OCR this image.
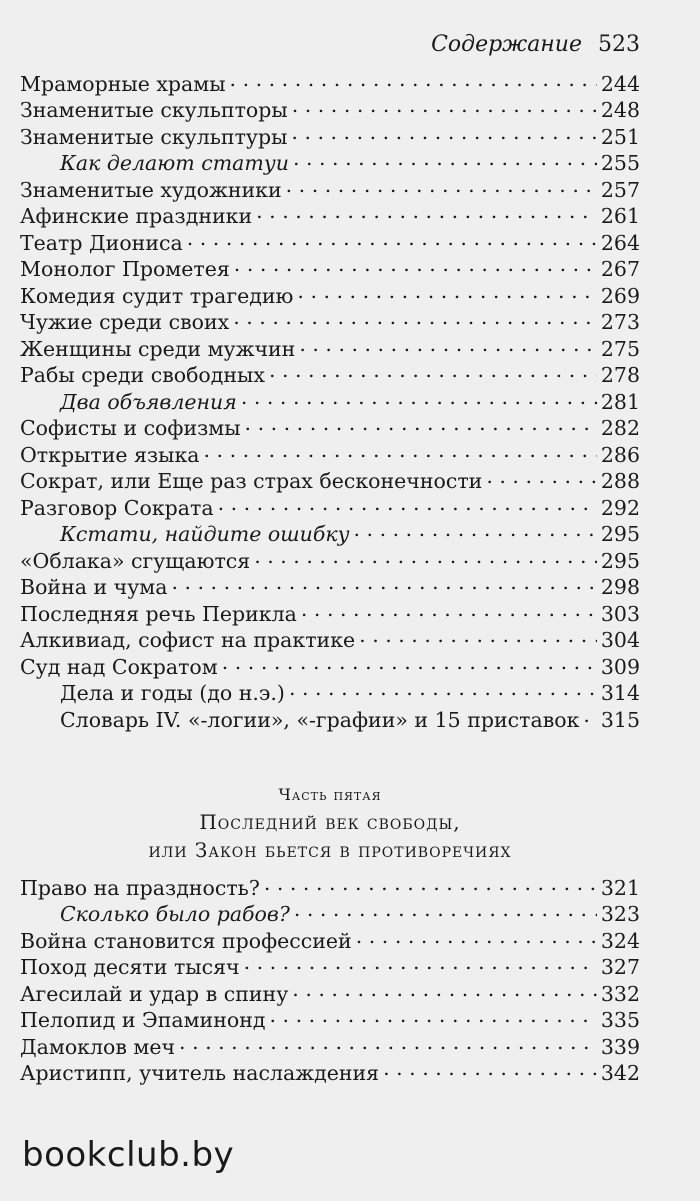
Содержание 523
Мраморные храмы . . .	244
Знаменитые скульпторы . . .	248
Знаменитые скульптуры . . .	251
Как делают статуи . . .	255
Знаменитые художники . . .	257
Афинские праздники . . .	261
Театр Диониса . . .	264
Монолог Прометея . . .	267
Комедия судит трагедию . . .	269
Чужие среди своих . . .	273
Женщины среди мужчин . . .	275
Рабы среди свободных . . .	278
Два объявления . . .	281
Софисты и софизмы . . .	282
Открытие языка . . .	286
Сократ, или Еще раз страх бесконечности . . .	288
Разговор Сократа . . .	292
Кстати, найдите ошибку . . .	295
«Облака» сгущаются . . .	295
Война и чума . . .	298
Последняя речь Перикла . . .	303
Алкивиад, софист на практике . . .	304
Суд над Сократом . . .	309
Дела и годы (до н.э.) . . .	314
Словарь IV. «-логии», «-графии» и 15 приставок . . . 315
Часть пятая
Последний век свободы,
или Закон бьется в противоречиях
Право на праздность? . . .	321
Сколько было рабов? . . .	323
Война становится профессией . . .	324
Поход десяти тысяч . . .	327
Агесилай и удар в спину . . .	332
Пелопид и Эпаминонд . . .	335
Дамоклов меч . . .	339
Аристипп, учитель наслаждения . . .	342
bookclub.by
